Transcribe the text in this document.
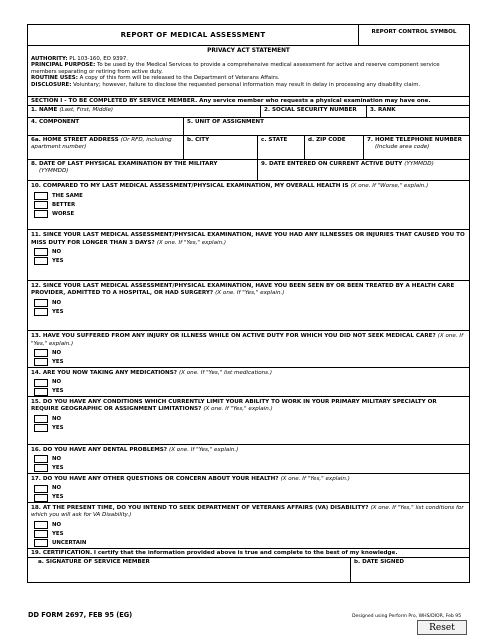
REPORT OF MEDICAL ASSESSMENT	REPORT CONTROL SYMBOL
PRIVACY ACT STATEMENT

AUTHORITY: PL 103-160, EO 9397.

PRINCIPAL PURPOSE: To be used by the Medical Services to provide a comprehensive medical assessment for active and reserve component service members separating or retiring from active duty.

ROUTINE USES: A copy of this form will be released to the Department of Veterans Affairs.

DISCLOSURE: Voluntary; however, failure to disclose the requested personal information may result in delay in processing any disability claim.

SECTION I - TO BE COMPLETED BY SERVICE MEMBER. Any service member who requests a physical examination may have one.
1. NAME (Last, First, Middle)	2. SOCIAL SECURITY NUMBER	3. RANK
4. COMPONENT	5. UNIT OF ASSIGNMENT
6a. HOME STREET ADDRESS (Or RFD, including apartment number)
b. CITY	c. STATE	d. ZIP CODE	7. HOME TELEPHONE NUMBER
(Include area code)
8. DATE OF LAST PHYSICAL EXAMINATION BY THE MILITARY
(YYMMDD)
9. DATE ENTERED ON CURRENT ACTIVE DUTY (YYMMDD)
10. COMPARED TO MY LAST MEDICAL ASSESSMENT/PHYSICAL EXAMINATION, MY OVERALL HEALTH IS (X one. If "Worse," explain.)
THE SAME
BETTER
WORSE
11. SINCE YOUR LAST MEDICAL ASSESSMENT/PHYSICAL EXAMINATION, HAVE YOU HAD ANY ILLNESSES OR INJURIES THAT CAUSED YOU TO MISS DUTY FOR LONGER THAN 3 DAYS? (X one. If "Yes," explain.)
NO
YES
12. SINCE YOUR LAST MEDICAL ASSESSMENT/PHYSICAL EXAMINATION, HAVE YOU BEEN SEEN BY OR BEEN TREATED BY A HEALTH CARE PROVIDER, ADMITTED TO A HOSPITAL, OR HAD SURGERY? (X one. If "Yes," explain.)
NO
YES
13. HAVE YOU SUFFERED FROM ANY INJURY OR ILLNESS WHILE ON ACTIVE DUTY FOR WHICH YOU DID NOT SEEK MEDICAL CARE? (X one. If "Yes," explain.)
NO
YES
14. ARE YOU NOW TAKING ANY MEDICATIONS? (X one. If "Yes," list medications.)
NO
YES
15. DO YOU HAVE ANY CONDITIONS WHICH CURRENTLY LIMIT YOUR ABILITY TO WORK IN YOUR PRIMARY MILITARY SPECIALTY OR REQUIRE GEOGRAPHIC OR ASSIGNMENT LIMITATIONS? (X one. If "Yes," explain.)
NO
YES
16. DO YOU HAVE ANY DENTAL PROBLEMS? (X one. If "Yes," explain.)
NO
YES
17. DO YOU HAVE ANY OTHER QUESTIONS OR CONCERN ABOUT YOUR HEALTH? (X one. If "Yes," explain.)
NO
YES
18. AT THE PRESENT TIME, DO YOU INTEND TO SEEK DEPARTMENT OF VETERANS AFFAIRS (VA) DISABILITY? (X one. If "Yes," list conditions for which you will ask for VA Disability.)
NO
YES
UNCERTAIN
19. CERTIFICATION. I certify that the information provided above is true and complete to the best of my knowledge.
a. SIGNATURE OF SERVICE MEMBER	b. DATE SIGNED
DD FORM 2697, FEB 95 (EG)	Designed using Perform Pro, WHS/DIOR, Feb 95
Reset
